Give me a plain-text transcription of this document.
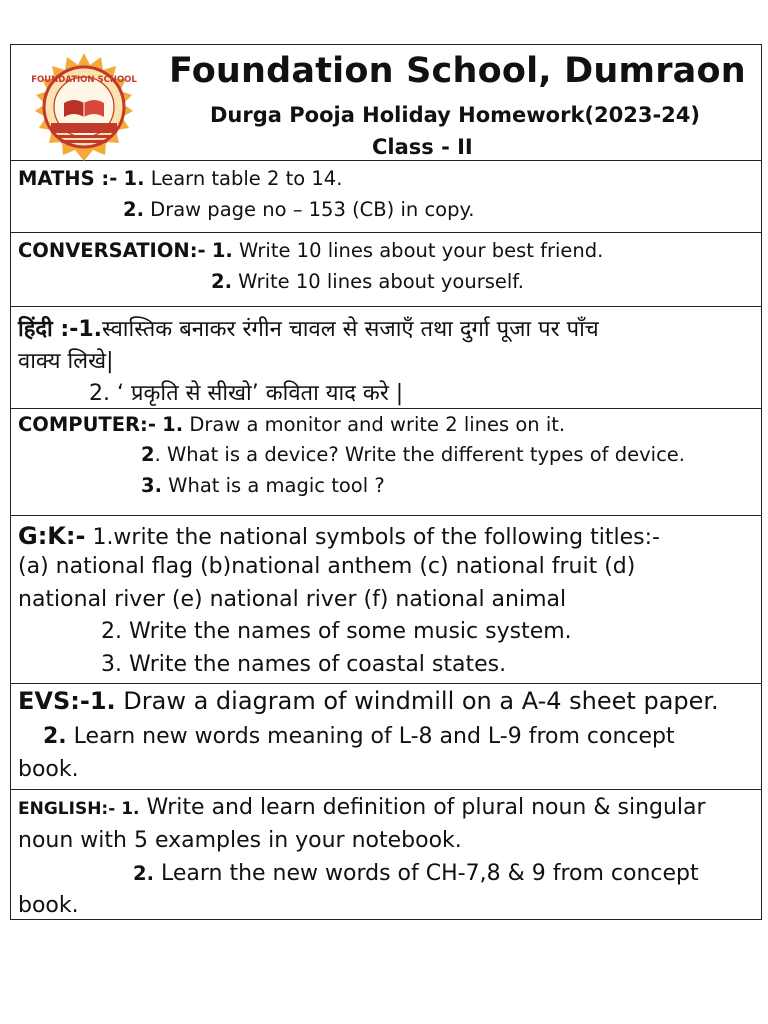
FOUNDATION SCHOOL Foundation School, Dumraon
Durga Pooja Holiday Homework(2023-24)
Class - II
MATHS :- 1. Learn table 2 to 14.
2. Draw page no – 153 (CB) in copy.
CONVERSATION:- 1. Write 10 lines about your best friend.
2. Write 10 lines about yourself.
हिंदी :-1.स्वास्तिक बनाकर रंगीन चावल से सजाएँ तथा दुर्गा पूजा पर पाँच
वाक्य लिखे|
2. ‘ प्रकृति से सीखो’ कविता याद करे |
COMPUTER:- 1. Draw a monitor and write 2 lines on it.
2. What is a device? Write the different types of device.
3. What is a magic tool ?
G:K:- 1.write the national symbols of the following titles:-
(a) national flag (b)national anthem (c) national fruit (d)
national river (e) national river (f) national animal
2. Write the names of some music system.
3. Write the names of coastal states.
EVS:-1. Draw a diagram of windmill on a A-4 sheet paper.
2. Learn new words meaning of L-8 and L-9 from concept
book.
ENGLISH:- 1. Write and learn definition of plural noun & singular
noun with 5 examples in your notebook.
2. Learn the new words of CH-7,8 & 9 from concept
book.
